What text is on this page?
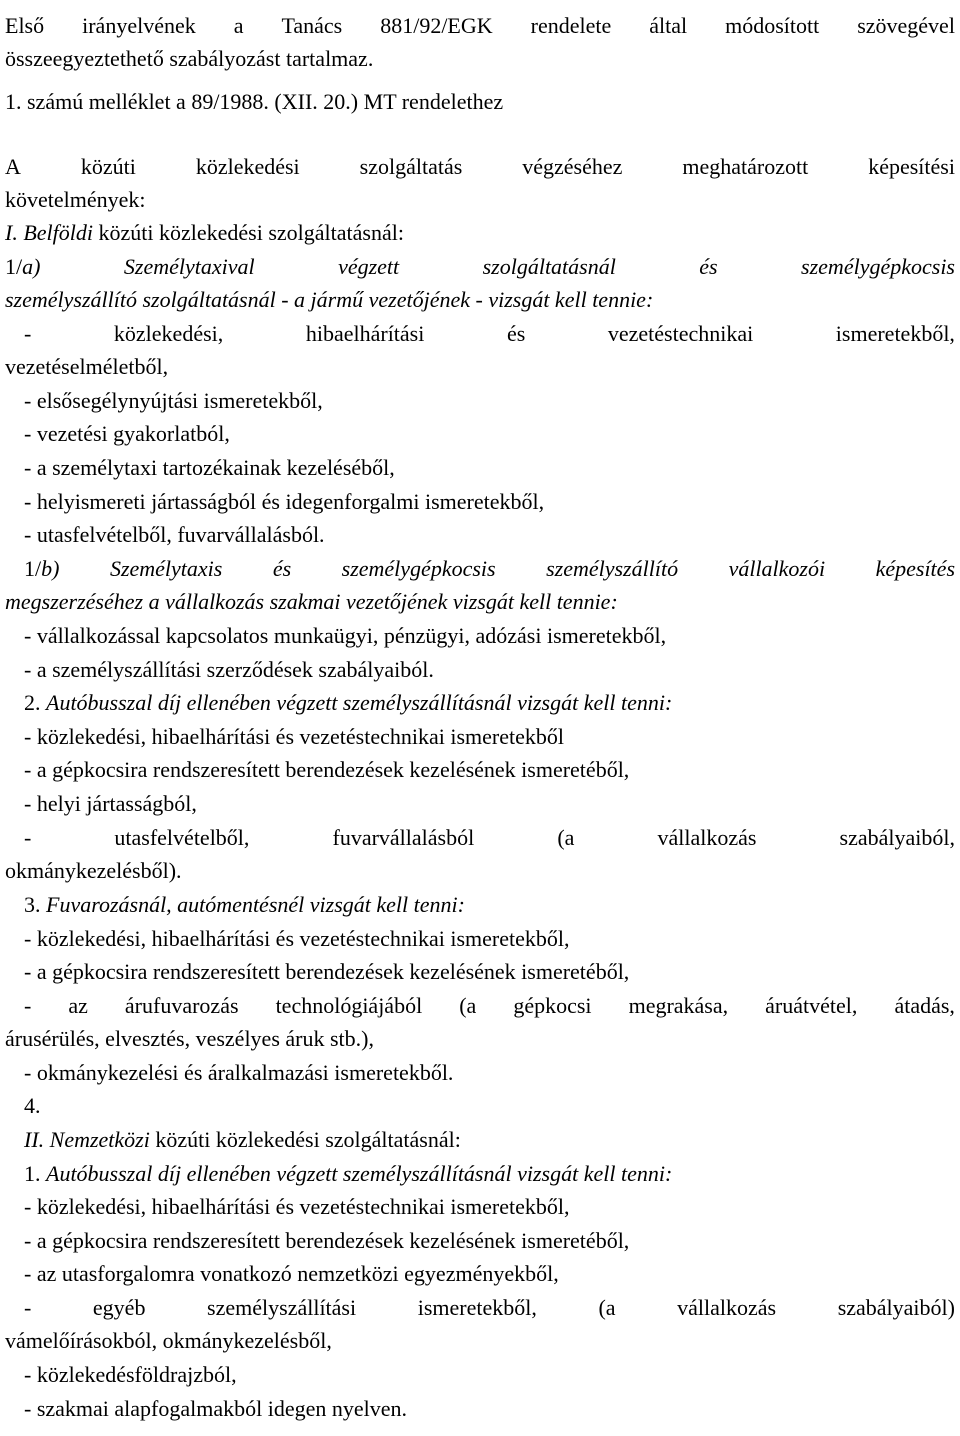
Első irányelvének a Tanács 881/92/EGK rendelete által módosított szövegével
összeegyeztethető szabályozást tartalmaz.
1. számú melléklet a 89/1988. (XII. 20.) MT rendelethez
A	közúti	közlekedési	szolgáltatás	végzéséhez	meghatározott	képesítési
követelmények:
I. Belföldi közúti közlekedési szolgáltatásnál:
1/a)	Személytaxival	végzett	szolgáltatásnál	és	személygépkocsis
személyszállító szolgáltatásnál - a jármű vezetőjének - vizsgát kell tennie:
-	közlekedési,	hibaelhárítási	és	vezetéstechnikai	ismeretekből,
vezetéselméletből,
- elsősegélynyújtási ismeretekből,
- vezetési gyakorlatból,
- a személytaxi tartozékainak kezeléséből,
- helyismereti jártasságból és idegenforgalmi ismeretekből,
- utasfelvételből, fuvarvállalásból.
1/b) Személytaxis és személygépkocsis személyszállító vállalkozói képesítés
megszerzéséhez a vállalkozás szakmai vezetőjének vizsgát kell tennie:
- vállalkozással kapcsolatos munkaügyi, pénzügyi, adózási ismeretekből,
- a személyszállítási szerződések szabályaiból.
2. Autóbusszal díj ellenében végzett személyszállításnál vizsgát kell tenni:
- közlekedési, hibaelhárítási és vezetéstechnikai ismeretekből
- a gépkocsira rendszeresített berendezések kezelésének ismeretéből,
- helyi jártasságból,
-	utasfelvételből,	fuvarvállalásból	(a	vállalkozás	szabályaiból,
okmánykezelésből).
3. Fuvarozásnál, autómentésnél vizsgát kell tenni:
- közlekedési, hibaelhárítási és vezetéstechnikai ismeretekből,
- a gépkocsira rendszeresített berendezések kezelésének ismeretéből,
- az árufuvarozás technológiájából (a gépkocsi megrakása, áruátvétel, átadás,
árusérülés, elvesztés, veszélyes áruk stb.),
- okmánykezelési és áralkalmazási ismeretekből.
4.
II. Nemzetközi közúti közlekedési szolgáltatásnál:
1. Autóbusszal díj ellenében végzett személyszállításnál vizsgát kell tenni:
- közlekedési, hibaelhárítási és vezetéstechnikai ismeretekből,
- a gépkocsira rendszeresített berendezések kezelésének ismeretéből,
- az utasforgalomra vonatkozó nemzetközi egyezményekből,
-	egyéb	személyszállítási	ismeretekből,	(a	vállalkozás	szabályaiból)
vámelőírásokból, okmánykezelésből,
- közlekedésföldrajzból,
- szakmai alapfogalmakból idegen nyelven.
